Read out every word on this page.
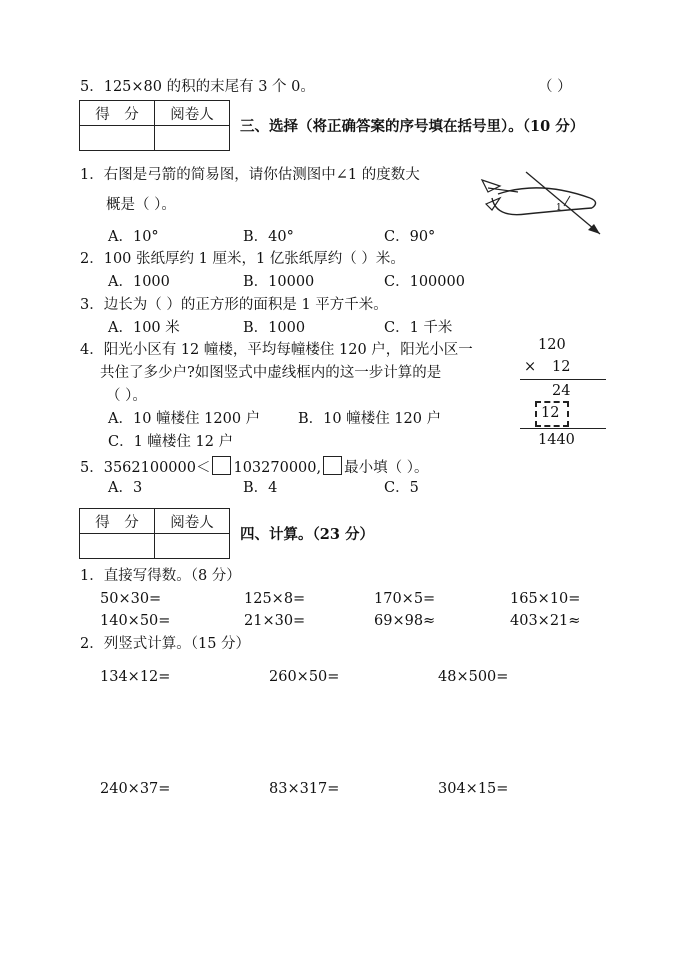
5．125×80 的积的末尾有 3 个 0。	（ ）
得　分	阅卷人

三、选择（将正确答案的序号填在括号里）。（10 分）
1．右图是弓箭的简易图，请你估测图中∠1 的度数大
概是（ ）。
A．10°	B．40°	C．90°
1
2．100 张纸厚约 1 厘米，1 亿张纸厚约（ ）米。
A．1000	B．10000	C．100000
3．边长为（ ）的正方形的面积是 1 平方千米。
A．100 米	B．1000	C．1 千米
4．阳光小区有 12 幢楼，平均每幢楼住 120 户，阳光小区一
共住了多少户?如图竖式中虚线框内的这一步计算的是
（ ）。
A．10 幢楼住 1200 户	B．10 幢楼住 120 户
C．1 幢楼住 12 户
120
× 12
24
12
1440
5．3562100000＜ 103270000, 最小填（ ）。
A．3	B．4	C．5
得　分	阅卷人

四、计算。（23 分）
1．直接写得数。（8 分）
50×30=	125×8=	170×5=	165×10=
140×50=	21×30=	69×98≈	403×21≈
2．列竖式计算。（15 分）
134×12=	260×50=	48×500=
240×37=	83×317=	304×15=
